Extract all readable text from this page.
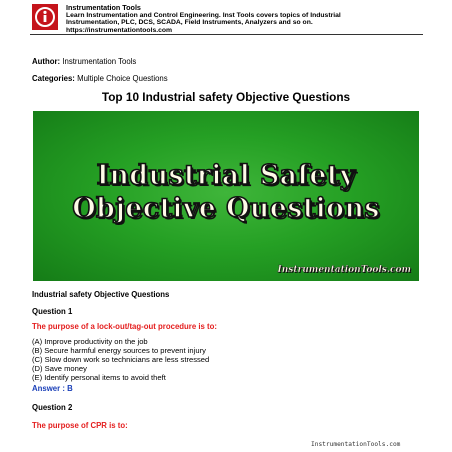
Instrumentation Tools
Learn Instrumentation and Control Engineering. Inst Tools covers topics of Industrial
Instrumentation, PLC, DCS, SCADA, Field Instruments, Analyzers and so on.
https://instrumentationtools.com
Author: Instrumentation Tools
Categories: Multiple Choice Questions
Top 10 Industrial safety Objective Questions
Industrial Safety
Objective Questions
InstrumentationTools.com
Industrial safety Objective Questions
Question 1
The purpose of a lock-out/tag-out procedure is to:
(A) Improve productivity on the job
(B) Secure harmful energy sources to prevent injury
(C) Slow down work so technicians are less stressed
(D) Save money
(E) Identify personal items to avoid theft
Answer : B
Question 2
The purpose of CPR is to:
InstrumentationTools.com
